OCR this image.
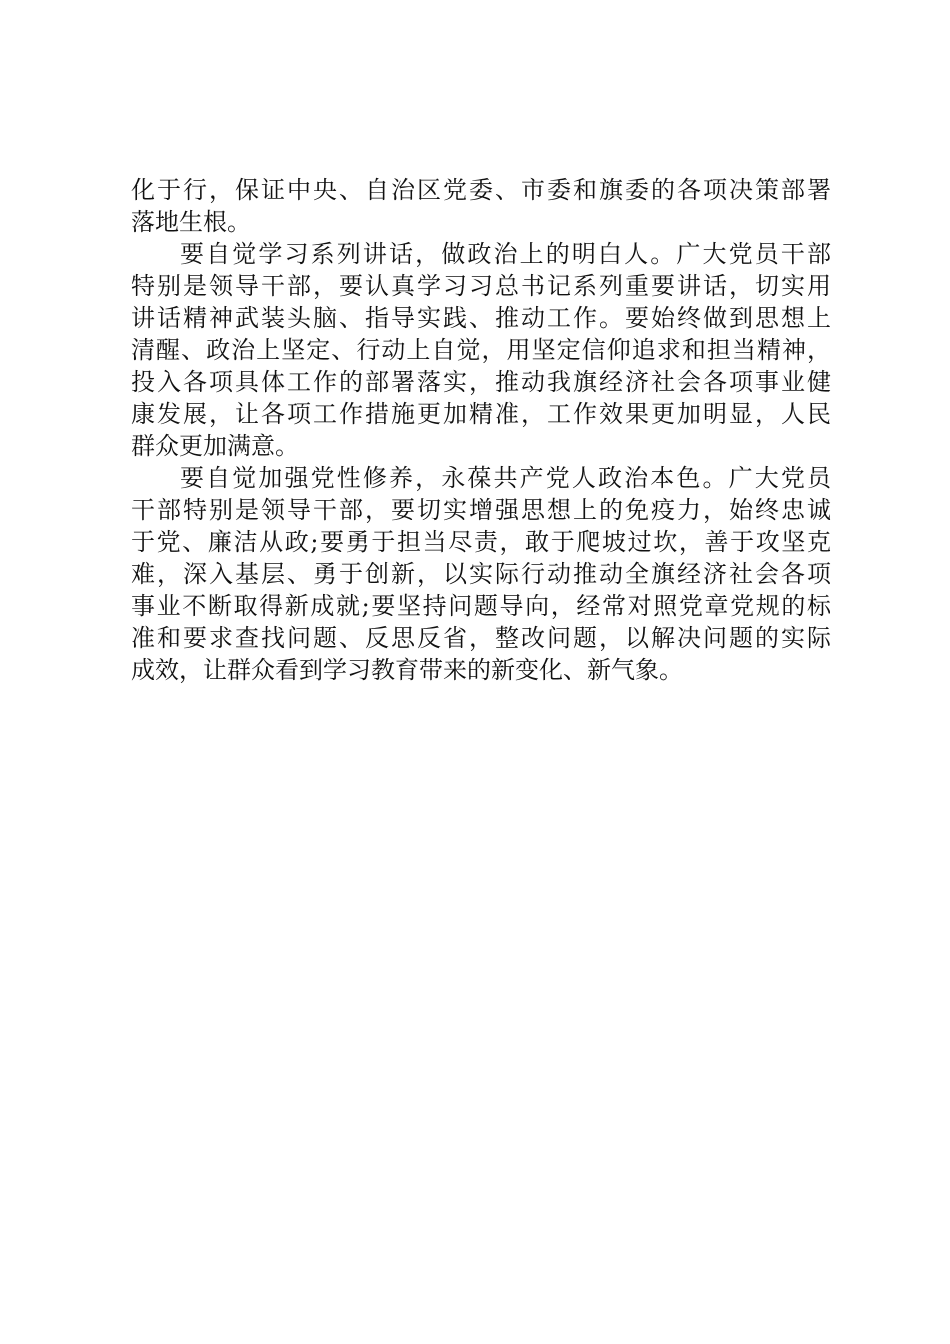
化于行，保证中央、自治区党委、市委和旗委的各项决策部署
落地生根。
要自觉学习系列讲话，做政治上的明白人。广大党员干部
特别是领导干部，要认真学习习总书记系列重要讲话，切实用
讲话精神武装头脑、指导实践、推动工作。要始终做到思想上
清醒、政治上坚定、行动上自觉，用坚定信仰追求和担当精神，
投入各项具体工作的部署落实，推动我旗经济社会各项事业健
康发展，让各项工作措施更加精准，工作效果更加明显，人民
群众更加满意。
要自觉加强党性修养，永葆共产党人政治本色。广大党员
干部特别是领导干部，要切实增强思想上的免疫力，始终忠诚
于党、廉洁从政;要勇于担当尽责，敢于爬坡过坎，善于攻坚克
难，深入基层、勇于创新，以实际行动推动全旗经济社会各项
事业不断取得新成就;要坚持问题导向，经常对照党章党规的标
准和要求查找问题、反思反省，整改问题，以解决问题的实际
成效，让群众看到学习教育带来的新变化、新气象。
